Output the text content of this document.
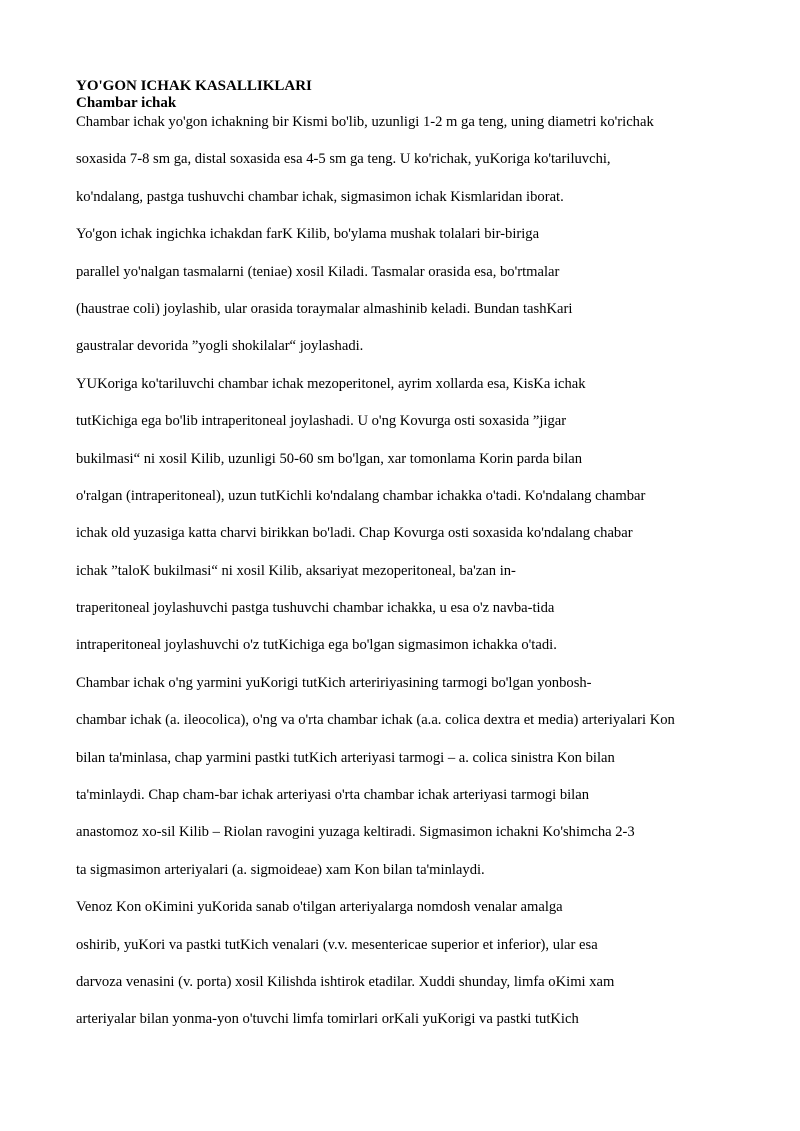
YO'GON ICHAK KASALLIKLARI
Chambar ichak
Chambar ichak yo'gon ichakning bir Kismi bo'lib, uzunligi 1-2 m ga teng, uning diametri ko'richak
soxasida 7-8 sm ga, distal soxasida esa 4-5 sm ga teng. U ko'richak, yuKoriga ko'tariluvchi,
ko'ndalang, pastga tushuvchi chambar ichak, sigmasimon ichak Kismlaridan iborat.
Yo'gon ichak ingichka ichakdan farK Kilib, bo'ylama mushak tolalari bir-biriga
parallel yo'nalgan tasmalarni (teniae) xosil Kiladi. Tasmalar orasida esa, bo'rtmalar
(haustrae coli) joylashib, ular orasida toraymalar almashinib keladi. Bundan tashKari
gaustralar devorida ”yogli shokilalar“ joylashadi.
YUKoriga ko'tariluvchi chambar ichak mezoperitonel, ayrim xollarda esa, KisKa ichak
tutKichiga ega bo'lib intraperitoneal joylashadi. U o'ng Kovurga osti soxasida ”jigar
bukilmasi“ ni xosil Kilib, uzunligi 50-60 sm bo'lgan, xar tomonlama Korin parda bilan
o'ralgan (intraperitoneal), uzun tutKichli ko'ndalang chambar ichakka o'tadi. Ko'ndalang chambar
ichak old yuzasiga katta charvi birikkan bo'ladi. Chap Kovurga osti soxasida ko'ndalang chabar
ichak ”taloK bukilmasi“ ni xosil Kilib, aksariyat mezoperitoneal, ba'zan in-
traperitoneal joylashuvchi pastga tushuvchi chambar ichakka, u esa o'z navba-tida
intraperitoneal joylashuvchi o'z tutKichiga ega bo'lgan sigmasimon ichakka o'tadi.
Chambar ichak o'ng yarmini yuKorigi tutKich arteririyasining tarmogi bo'lgan yonbosh-
chambar ichak (a. ileocolica), o'ng va o'rta chambar ichak (a.a. colica dextra et media) arteriyalari Kon
bilan ta'minlasa, chap yarmini pastki tutKich arteriyasi tarmogi – a. colica sinistra Kon bilan
ta'minlaydi. Chap cham-bar ichak arteriyasi o'rta chambar ichak arteriyasi tarmogi bilan
anastomoz xo-sil Kilib – Riolan ravogini yuzaga keltiradi. Sigmasimon ichakni Ko'shimcha 2-3
ta sigmasimon arteriyalari (a. sigmoideae) xam Kon bilan ta'minlaydi.
Venoz Kon oKimini yuKorida sanab o'tilgan arteriyalarga nomdosh venalar amalga
oshirib, yuKori va pastki tutKich venalari (v.v. mesentericae superior et inferior), ular esa
darvoza venasini (v. porta) xosil Kilishda ishtirok etadilar. Xuddi shunday, limfa oKimi xam
arteriyalar bilan yonma-yon o'tuvchi limfa tomirlari orKali yuKorigi va pastki tutKich
